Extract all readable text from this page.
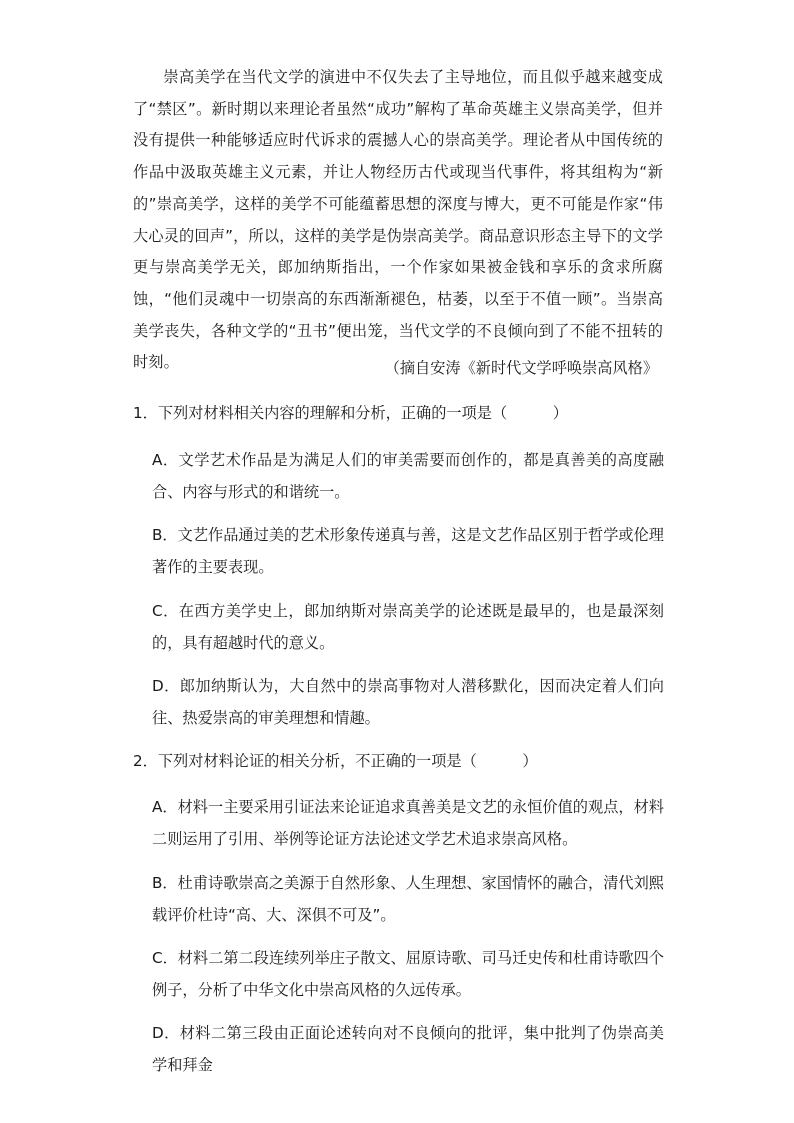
崇高美学在当代文学的演进中不仅失去了主导地位，而且似乎越来越变成了“禁区”。新时期以来理论者虽然“成功”解构了革命英雄主义崇高美学，但并没有提供一种能够适应时代诉求的震撼人心的崇高美学。理论者从中国传统的作品中汲取英雄主义元素，并让人物经历古代或现当代事件，将其组构为“新的”崇高美学，这样的美学不可能蕴蓄思想的深度与博大，更不可能是作家“伟大心灵的回声”，所以，这样的美学是伪崇高美学。商品意识形态主导下的文学更与崇高美学无关，郎加纳斯指出，一个作家如果被金钱和享乐的贪求所腐蚀，“他们灵魂中一切崇高的东西渐渐褪色，枯萎，以至于不值一顾”。当崇高美学丧失，各种文学的“丑书”便出笼，当代文学的不良倾向到了不能不扭转的时刻。	（摘自安涛《新时代文学呼唤崇高风格》

1．下列对材料相关内容的理解和分析，正确的一项是（　　　）

A．文学艺术作品是为满足人们的审美需要而创作的，都是真善美的高度融合、内容与形式的和谐统一。

B．文艺作品通过美的艺术形象传递真与善，这是文艺作品区别于哲学或伦理著作的主要表现。

C．在西方美学史上，郎加纳斯对崇高美学的论述既是最早的，也是最深刻的，具有超越时代的意义。

D．郎加纳斯认为，大自然中的崇高事物对人潜移默化，因而决定着人们向往、热爱崇高的审美理想和情趣。

2．下列对材料论证的相关分析，不正确的一项是（　　　）

A．材料一主要采用引证法来论证追求真善美是文艺的永恒价值的观点，材料二则运用了引用、举例等论证方法论述文学艺术追求崇高风格。

B．杜甫诗歌崇高之美源于自然形象、人生理想、家国情怀的融合，清代刘熙载评价杜诗“高、大、深俱不可及”。

C．材料二第二段连续列举庄子散文、屈原诗歌、司马迁史传和杜甫诗歌四个例子，分析了中华文化中崇高风格的久远传承。

D．材料二第三段由正面论述转向对不良倾向的批评，集中批判了伪崇高美学和拜金
